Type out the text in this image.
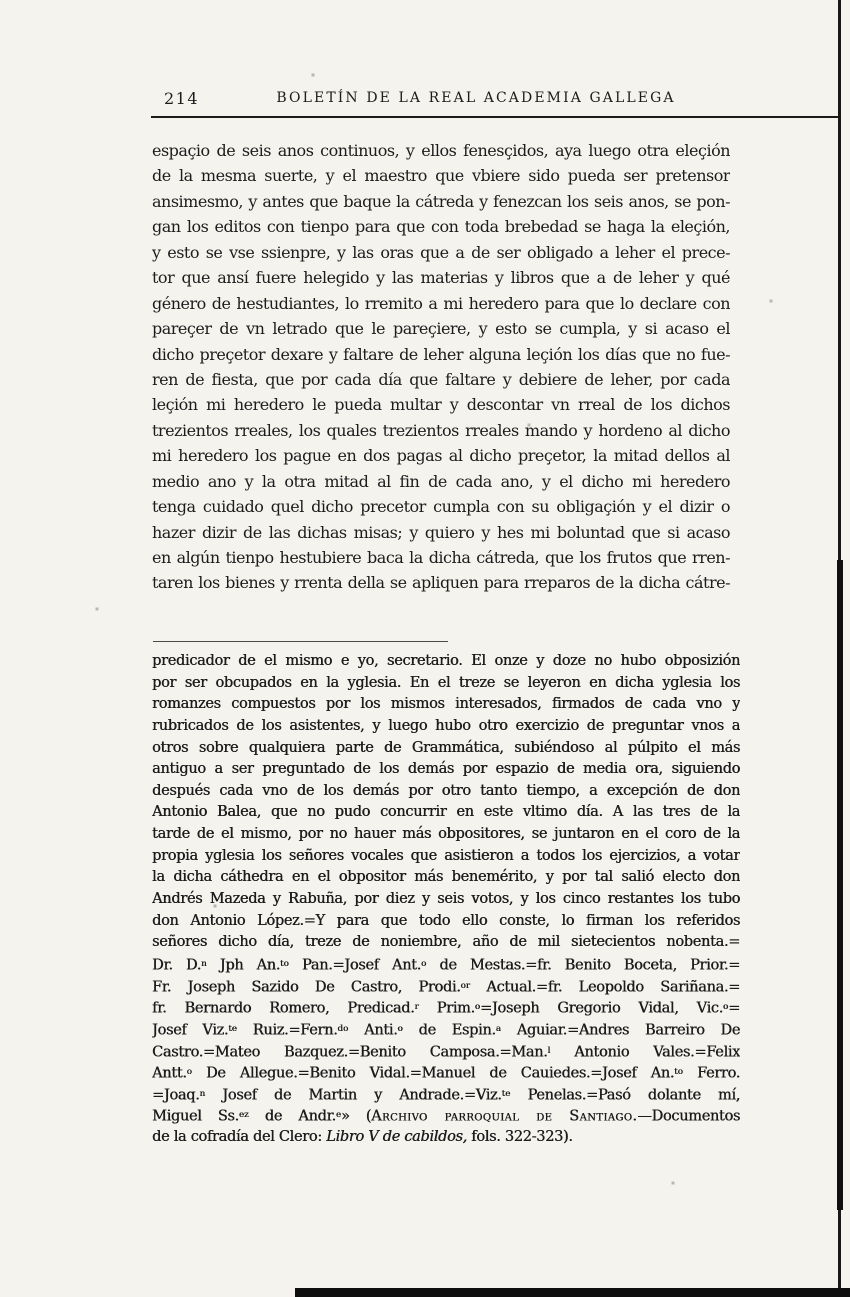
214	BOLETÍN DE LA REAL ACADEMIA GALLEGA
espaçio de seis anos continuos, y ellos fenesçidos, aya luego otra eleçión
de la mesma suerte, y el maestro que vbiere sido pueda ser pretensor
ansimesmo, y antes que baque la cátreda y fenezcan los seis anos, se pon-
gan los editos con tienpo para que con toda brebedad se haga la eleçión,
y esto se vse ssienpre, y las oras que a de ser obligado a leher el prece-
tor que ansí fuere helegido y las materias y libros que a de leher y qué
género de hestudiantes, lo rremito a mi heredero para que lo declare con
pareçer de vn letrado que le pareçiere, y esto se cumpla, y si acaso el
dicho preçetor dexare y faltare de leher alguna leçión los días que no fue-
ren de fiesta, que por cada día que faltare y debiere de leher, por cada
leçión mi heredero le pueda multar y descontar vn rreal de los dichos
trezientos rreales, los quales trezientos rreales mando y hordeno al dicho
mi heredero los pague en dos pagas al dicho preçetor, la mitad dellos al
medio ano y la otra mitad al fin de cada ano, y el dicho mi heredero
tenga cuidado quel dicho precetor cumpla con su obligaçión y el dizir o
hazer dizir de las dichas misas; y quiero y hes mi boluntad que si acaso
en algún tienpo hestubiere baca la dicha cátreda, que los frutos que rren-
taren los bienes y rrenta della se apliquen para rreparos de la dicha cátre-
predicador de el mismo e yo, secretario. El onze y doze no hubo obposizión
por ser obcupados en la yglesia. En el treze se leyeron en dicha yglesia los
romanzes compuestos por los mismos interesados, firmados de cada vno y
rubricados de los asistentes, y luego hubo otro exercizio de preguntar vnos a
otros sobre qualquiera parte de Grammática, subiéndoso al púlpito el más
antiguo a ser preguntado de los demás por espazio de media ora, siguiendo
después cada vno de los demás por otro tanto tiempo, a excepción de don
Antonio Balea, que no pudo concurrir en este vltimo día. A las tres de la
tarde de el mismo, por no hauer más obpositores, se juntaron en el coro de la
propia yglesia los señores vocales que asistieron a todos los ejercizios, a votar
la dicha cáthedra en el obpositor más benemérito, y por tal salió electo don
Andrés Mazeda y Rabuña, por diez y seis votos, y los cinco restantes los tubo
don Antonio López.=Y para que todo ello conste, lo firman los referidos
señores dicho día, treze de noniembre, año de mil sietecientos nobenta.=
Dr. D.$^n$ Jph An.$^{to}$ Pan.=Josef Ant.$^o$ de Mestas.=fr. Benito Boceta, Prior.=
Fr. Joseph Sazido De Castro, Prodi.$^{or}$ Actual.=fr. Leopoldo Sariñana.=
fr. Bernardo Romero, Predicad.$^r$ Prim.$^o$=Joseph Gregorio Vidal, Vic.$^o$=
Josef Viz.$^{te}$ Ruiz.=Fern.$^{do}$ Anti.$^o$ de Espin.$^a$ Aguiar.=Andres Barreiro De
Castro.=Mateo Bazquez.=Benito Camposa.=Man.$^l$ Antonio Vales.=Felix
Antt.$^o$ De Allegue.=Benito Vidal.=Manuel de Cauiedes.=Josef An.$^{to}$ Ferro.
=Joaq.$^n$ Josef de Martin y Andrade.=Viz.$^{te}$ Penelas.=Pasó dolante mí,
Miguel Ss.$^{ez}$ de Andr.$^e$» (Archivo parroquial de Santiago.—Documentos
de la cofradía del Clero: Libro V de cabildos, fols. 322-323).
